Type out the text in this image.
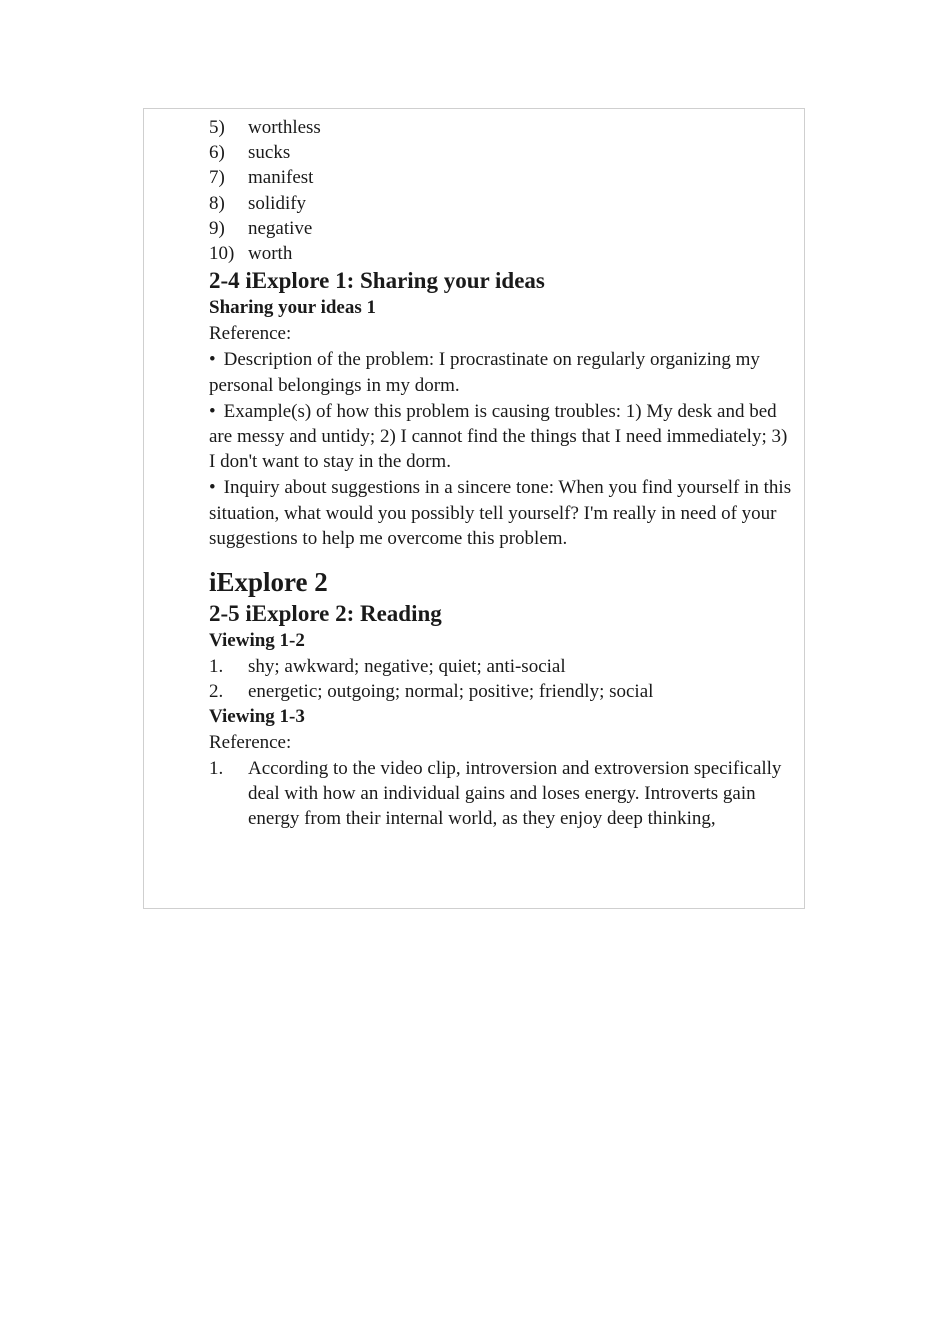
5)	worthless
6)	sucks
7)	manifest
8)	solidify
9)	negative
10) worth
2-4 iExplore 1: Sharing your ideas
Sharing your ideas 1

Reference:

• Description of the problem: I procrastinate on regularly organizing my personal belongings in my dorm.

• Example(s) of how this problem is causing troubles: 1) My desk and bed are messy and untidy; 2) I cannot find the things that I need immediately; 3) I don't want to stay in the dorm.

• Inquiry about suggestions in a sincere tone: When you find yourself in this situation, what would you possibly tell yourself? I'm really in need of your suggestions to help me overcome this problem.

iExplore 2
2-5 iExplore 2: Reading
Viewing 1-2
1.	shy; awkward; negative; quiet; anti-social
2.	energetic; outgoing; normal; positive; friendly; social
Viewing 1-3

Reference:

1.	According to the video clip, introversion and extroversion specifically deal with how an individual gains and loses energy. Introverts gain energy from their internal world, as they enjoy deep thinking,
